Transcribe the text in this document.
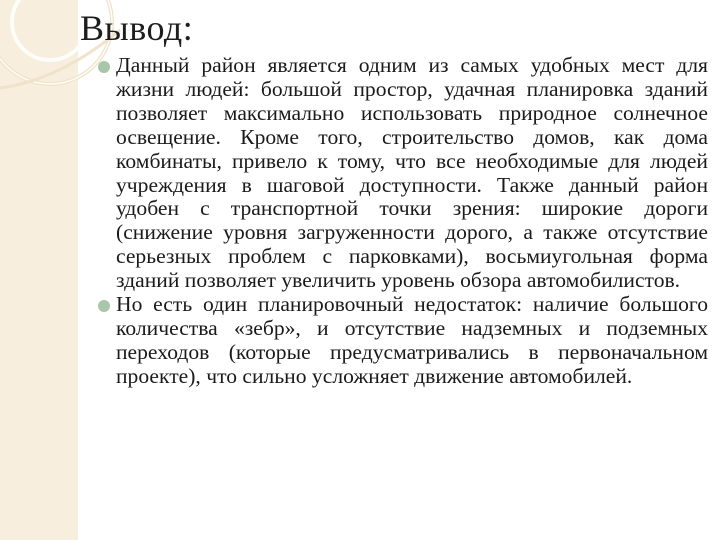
Вывод:

Данный район является одним из самых удобных мест для жизни людей: большой простор, удачная планировка зданий позволяет максимально использовать природное солнечное освещение. Кроме того, строительство домов, как дома комбинаты, привело к тому, что все необходимые для людей учреждения в шаговой доступности. Также данный район удобен с транспортной точки зрения: широкие дороги (снижение уровня загруженности дорого, а также отсутствие серьезных проблем с парковками), восьмиугольная форма зданий позволяет увеличить уровень обзора автомобилистов.

Но есть один планировочный недостаток: наличие большого количества «зебр», и отсутствие надземных и подземных переходов (которые предусматривались в первоначальном проекте), что сильно усложняет движение автомобилей.
